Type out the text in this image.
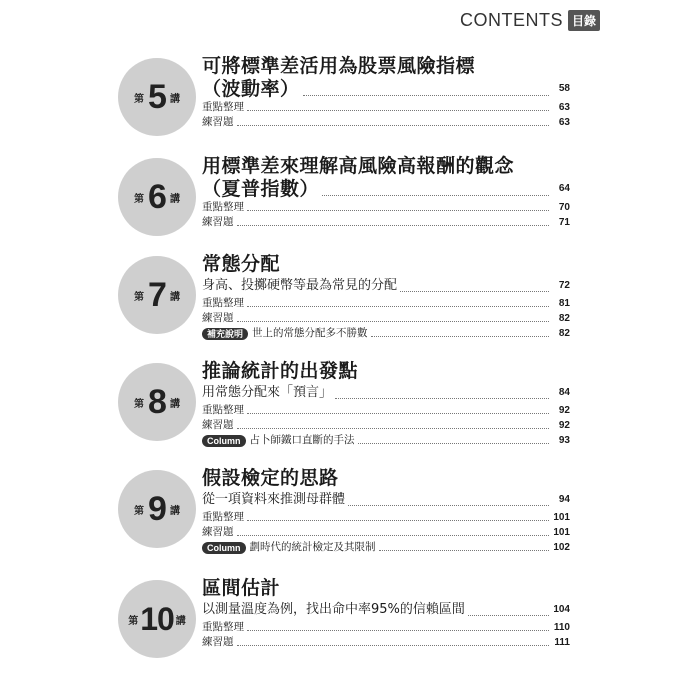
CONTENTS 目錄
第 5 講
可將標準差活用為股票風險指標
（波動率）	58
重點整理	63
練習題	63
第 6 講
用標準差來理解高風險高報酬的觀念
（夏普指數）	64
重點整理	70
練習題	71
第 7 講
常態分配
身高、投擲硬幣等最為常見的分配	72
重點整理	81
練習題	82
補充說明 世上的常態分配多不勝數	82
第 8 講
推論統計的出發點
用常態分配來「預言」	84
重點整理	92
練習題	92
Column 占卜師鐵口直斷的手法	93
第 9 講
假設檢定的思路
從一項資料來推測母群體	94
重點整理	101
練習題	101
Column 劃時代的統計檢定及其限制	102
第 10 講
區間估計
以測量溫度為例，找出命中率95%的信賴區間	104
重點整理	110
練習題	111
